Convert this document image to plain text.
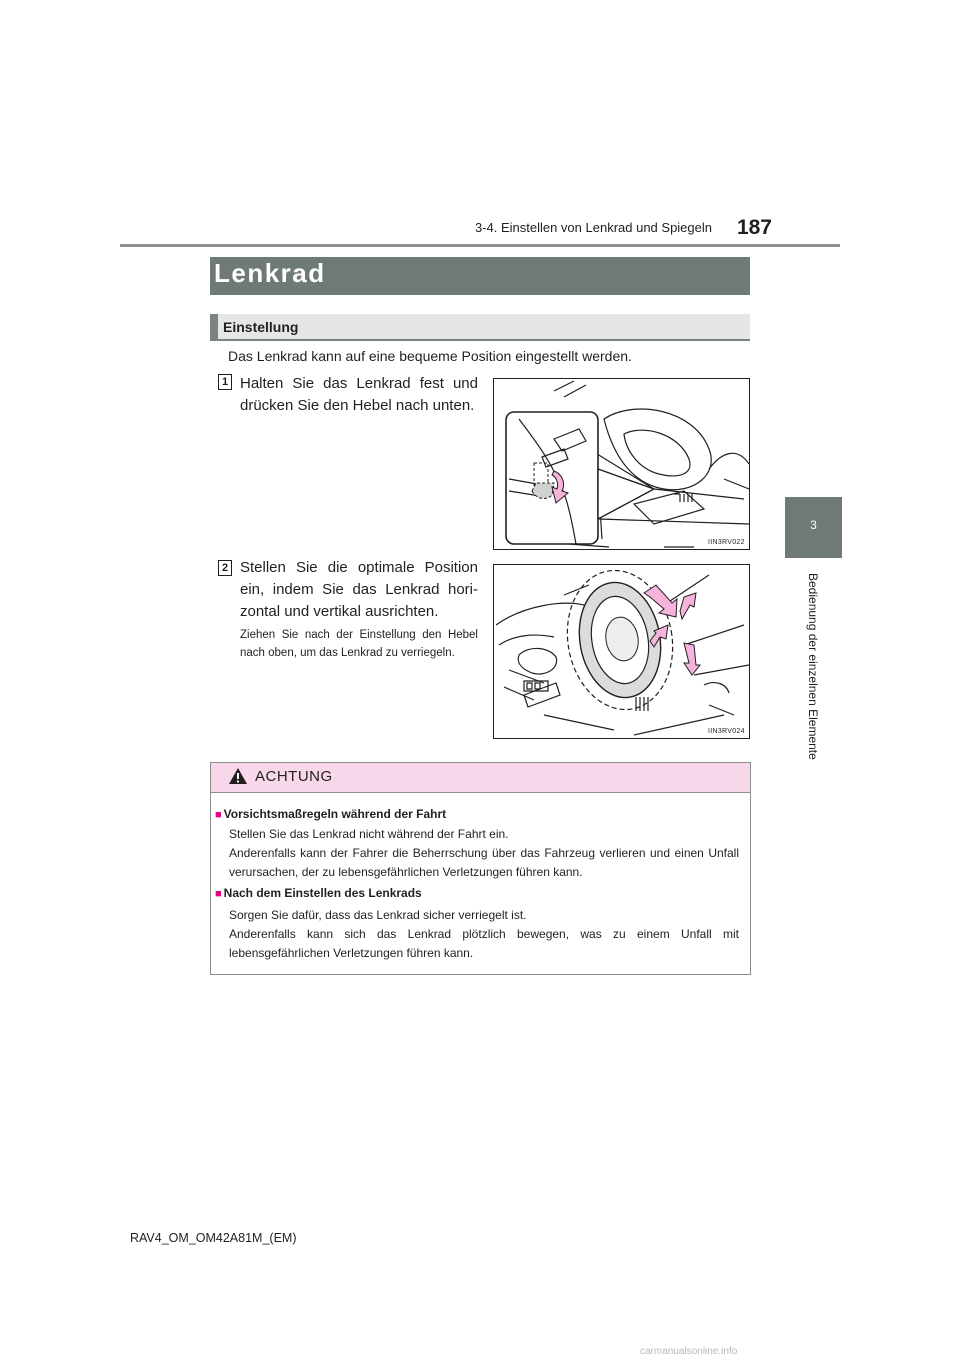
3-4. Einstellen von Lenkrad und Spiegeln	187
3
Bedienung der einzelnen Elemente
Lenkrad
Einstellung
Das Lenkrad kann auf eine bequeme Position eingestellt werden.
1 Halten Sie das Lenkrad fest und drücken Sie den Hebel nach unten.
IIN3RV022
2 Stellen Sie die optimale Position ein, indem Sie das Lenkrad hori-zontal und vertikal ausrichten.
Ziehen Sie nach der Einstellung den Hebel nach oben, um das Lenkrad zu verriegeln.
IIN3RV024
ACHTUNG
■ Vorsichtsmaßregeln während der Fahrt
Stellen Sie das Lenkrad nicht während der Fahrt ein.
Anderenfalls kann der Fahrer die Beherrschung über das Fahrzeug verlieren und einen Unfall verursachen, der zu lebensgefährlichen Verletzungen führen kann.
■ Nach dem Einstellen des Lenkrads
Sorgen Sie dafür, dass das Lenkrad sicher verriegelt ist.
Anderenfalls kann sich das Lenkrad plötzlich bewegen, was zu einem Unfall mit lebensgefährlichen Verletzungen führen kann.
RAV4_OM_OM42A81M_(EM)
carmanualsonline.info
